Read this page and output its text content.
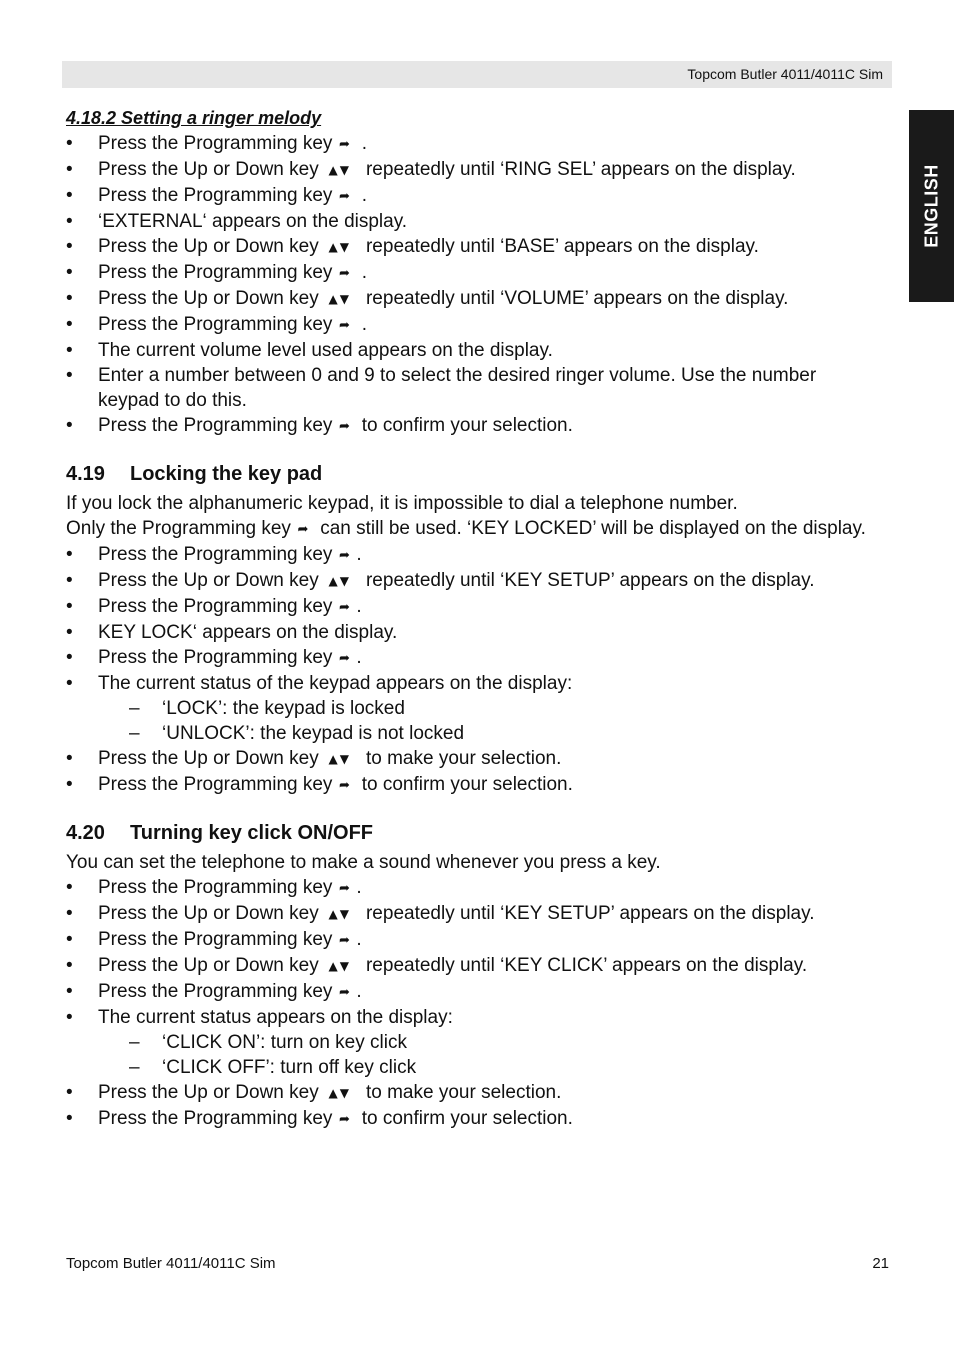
Topcom Butler 4011/4011C Sim
ENGLISH
4.18.2 Setting a ringer melody
• Press the Programming key ➦ .
• Press the Up or Down key ▲▼ repeatedly until ‘RING SEL’ appears on the display.
• Press the Programming key ➦ .
• ‘EXTERNAL‘ appears on the display.
• Press the Up or Down key ▲▼ repeatedly until ‘BASE’ appears on the display.
• Press the Programming key ➦ .
• Press the Up or Down key ▲▼ repeatedly until ‘VOLUME’ appears on the display.
• Press the Programming key ➦ .
• The current volume level used appears on the display.
• Enter a number between 0 and 9 to select the desired ringer volume. Use the number keypad to do this.
• Press the Programming key ➦ to confirm your selection.
4.19 Locking the key pad

If you lock the alphanumeric keypad, it is impossible to dial a telephone number.

Only the Programming key ➦ can still be used. ‘KEY LOCKED’ will be displayed on the display.

• Press the Programming key ➦ .
• Press the Up or Down key ▲▼ repeatedly until ‘KEY SETUP’ appears on the display.
• Press the Programming key ➦ .
• KEY LOCK‘ appears on the display.
• Press the Programming key ➦ .
• The current status of the keypad appears on the display:
– ‘LOCK’: the keypad is locked
– ‘UNLOCK’: the keypad is not locked
• Press the Up or Down key ▲▼ to make your selection.
• Press the Programming key ➦ to confirm your selection.
4.20 Turning key click ON/OFF

You can set the telephone to make a sound whenever you press a key.

• Press the Programming key ➦ .
• Press the Up or Down key ▲▼ repeatedly until ‘KEY SETUP’ appears on the display.
• Press the Programming key ➦ .
• Press the Up or Down key ▲▼ repeatedly until ‘KEY CLICK’ appears on the display.
• Press the Programming key ➦ .
• The current status appears on the display:
– ‘CLICK ON’: turn on key click
– ‘CLICK OFF’: turn off key click
• Press the Up or Down key ▲▼ to make your selection.
• Press the Programming key ➦ to confirm your selection.
Topcom Butler 4011/4011C Sim	21
